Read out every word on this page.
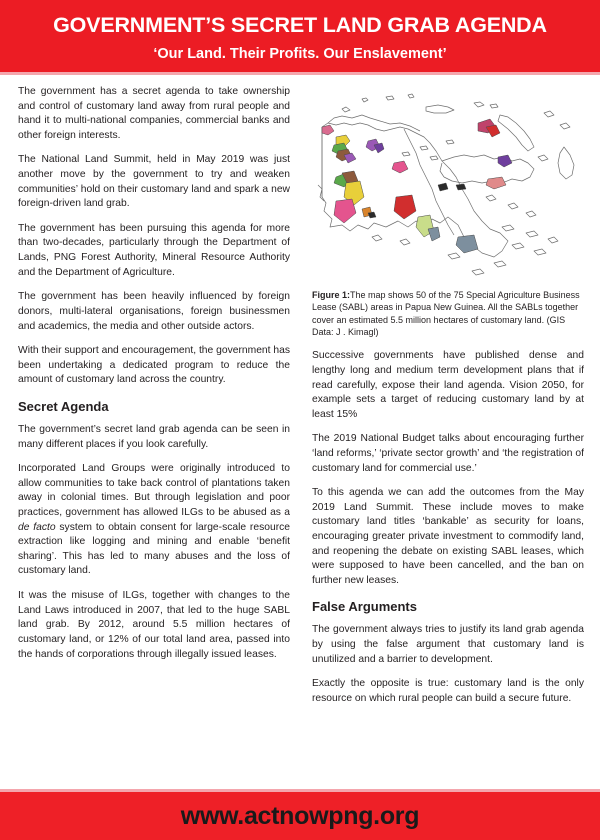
GOVERNMENT’S SECRET LAND GRAB AGENDA
‘Our Land. Their Profits. Our Enslavement’

The government has a secret agenda to take ownership and control of customary land away from rural people and hand it to multi-national companies, commercial banks and other foreign interests.

The National Land Summit, held in May 2019 was just another move by the government to try and weaken communities’ hold on their customary land and spark a new foreign-driven land grab.

The government has been pursuing this agenda for more than two-decades, particularly through the Department of Lands, PNG Forest Authority, Mineral Resource Authority and the Department of Agriculture.

The government has been heavily influenced by foreign donors, multi-lateral organisations, foreign businessmen and academics, the media and other outside actors.

With their support and encouragement, the government has been undertaking a dedicated program to reduce the amount of customary land across the country.

Secret Agenda

The government’s secret land grab agenda can be seen in many different places if you look carefully.

Incorporated Land Groups were originally introduced to allow communities to take back control of plantations taken away in colonial times. But through legislation and poor practices, government has allowed ILGs to be abused as a de facto system to obtain consent for large-scale resource extraction like logging and mining and enable ‘benefit sharing’. This has led to many abuses and the loss of customary land.

It was the misuse of ILGs, together with changes to the Land Laws introduced in 2007, that led to the huge SABL land grab. By 2012, around 5.5 million hectares of customary land, or 12% of our total land area, passed into the hands of corporations through illegally issued leases.

Figure 1:The map shows 50 of the 75 Special Agriculture Business Lease (SABL) areas in Papua New Guinea. All the SABLs together cover an estimated 5.5 million hectares of customary land. (GIS Data: J . Kimagl)

Successive governments have published dense and lengthy long and medium term development plans that if read carefully, expose their land agenda. Vision 2050, for example sets a target of reducing customary land by at least 15%

The 2019 National Budget talks about encouraging further ‘land reforms,’ ‘private sector growth’ and ‘the registration of customary land for commercial use.’

To this agenda we can add the outcomes from the May 2019 Land Summit. These include moves to make customary land titles ‘bankable’ as security for loans, encouraging greater private investment to commodify land, and reopening the debate on existing SABL leases, which were supposed to have been cancelled, and the ban on further new leases.

False Arguments

The government always tries to justify its land grab agenda by using the false argument that customary land is unutilized and a barrier to development.

Exactly the opposite is true: customary land is the only resource on which rural people can build a secure future.

www.actnowpng.org
